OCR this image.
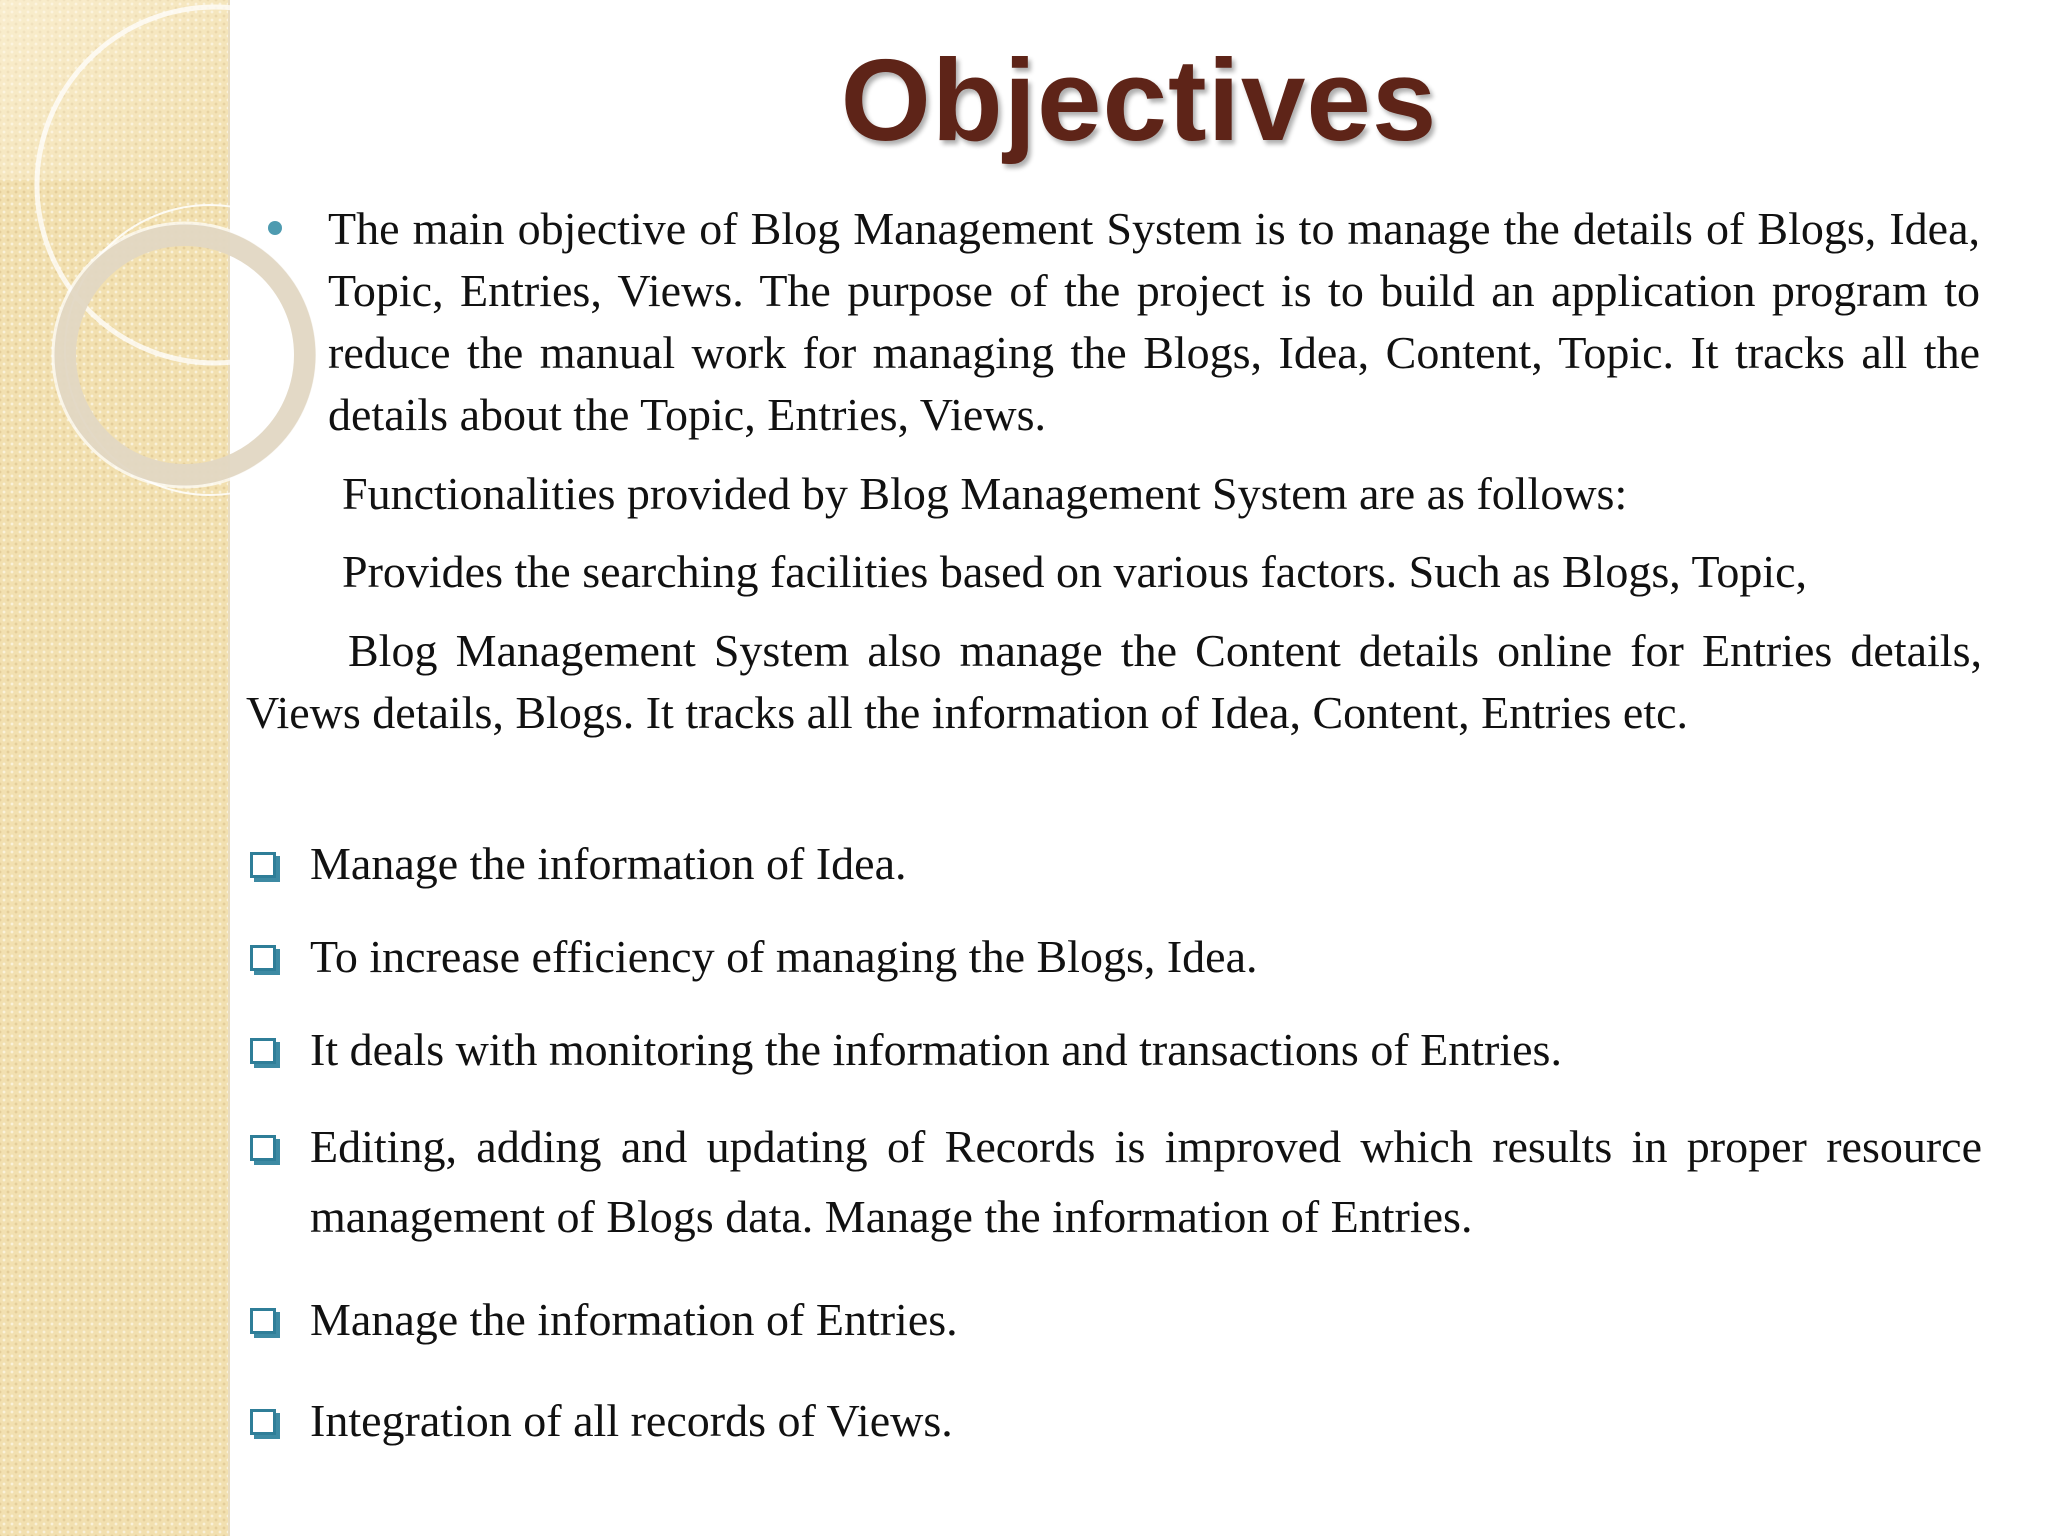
Objectives
The main objective of Blog Management System is to manage the details of Blogs, Idea, Topic, Entries, Views. The purpose of the project is to build an application program to reduce the manual work for managing the Blogs, Idea, Content, Topic. It tracks all the details about the Topic, Entries, Views.
Functionalities provided by Blog Management System are as follows:
Provides the searching facilities based on various factors. Such as Blogs, Topic,
Blog Management System also manage the Content details online for Entries details, Views details, Blogs. It tracks all the information of Idea, Content, Entries etc.
Manage the information of Idea.
To increase efficiency of managing the Blogs, Idea.
It deals with monitoring the information and transactions of Entries.
Editing, adding and updating of Records is improved which results in proper resource management of Blogs data. Manage the information of Entries.
Manage the information of Entries.
Integration of all records of Views.
